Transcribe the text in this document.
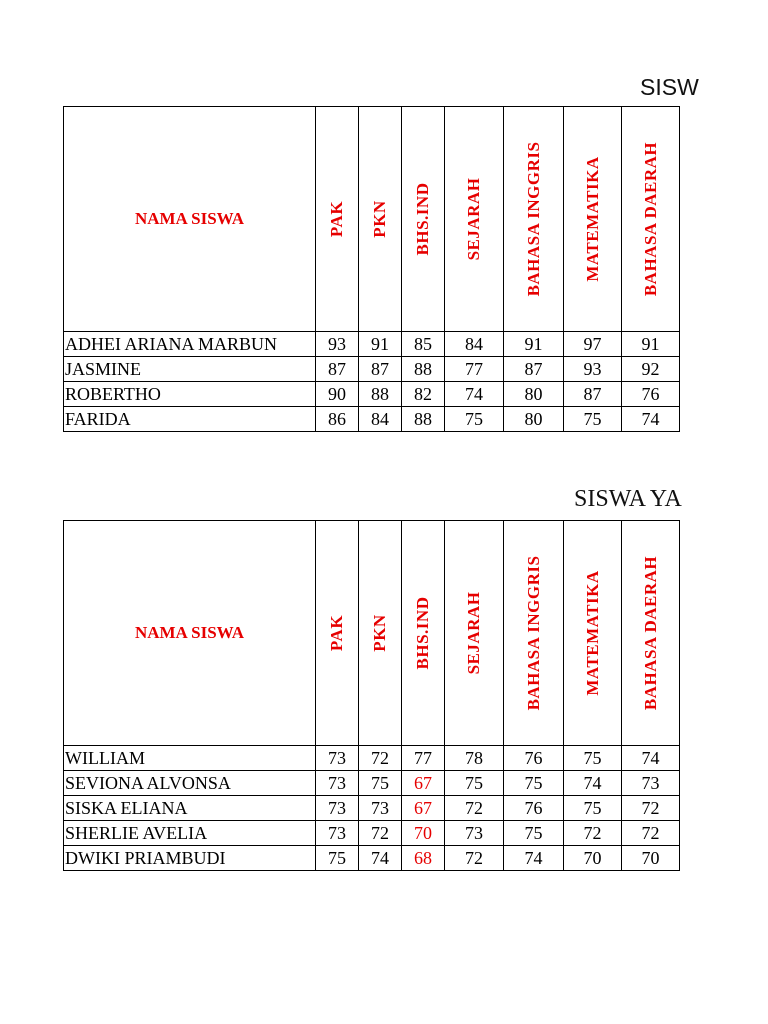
SISW
NAMA SISWA	PAK	PKN	BHS.IND	SEJARAH	BAHASA INGGRIS	MATEMATIKA	BAHASA DAERAH

ADHEI ARIANA MARBUN	93	91	85	84	91	97	91
JASMINE	87	87	88	77	87	93	92
ROBERTHO	90	88	82	74	80	87	76
FARIDA	86	84	88	75	80	75	74
SISWA YA
NAMA SISWA	PAK	PKN	BHS.IND	SEJARAH	BAHASA INGGRIS	MATEMATIKA	BAHASA DAERAH

WILLIAM	73	72	77	78	76	75	74
SEVIONA ALVONSA	73	75	67	75	75	74	73
SISKA ELIANA	73	73	67	72	76	75	72
SHERLIE AVELIA	73	72	70	73	75	72	72
DWIKI PRIAMBUDI	75	74	68	72	74	70	70
